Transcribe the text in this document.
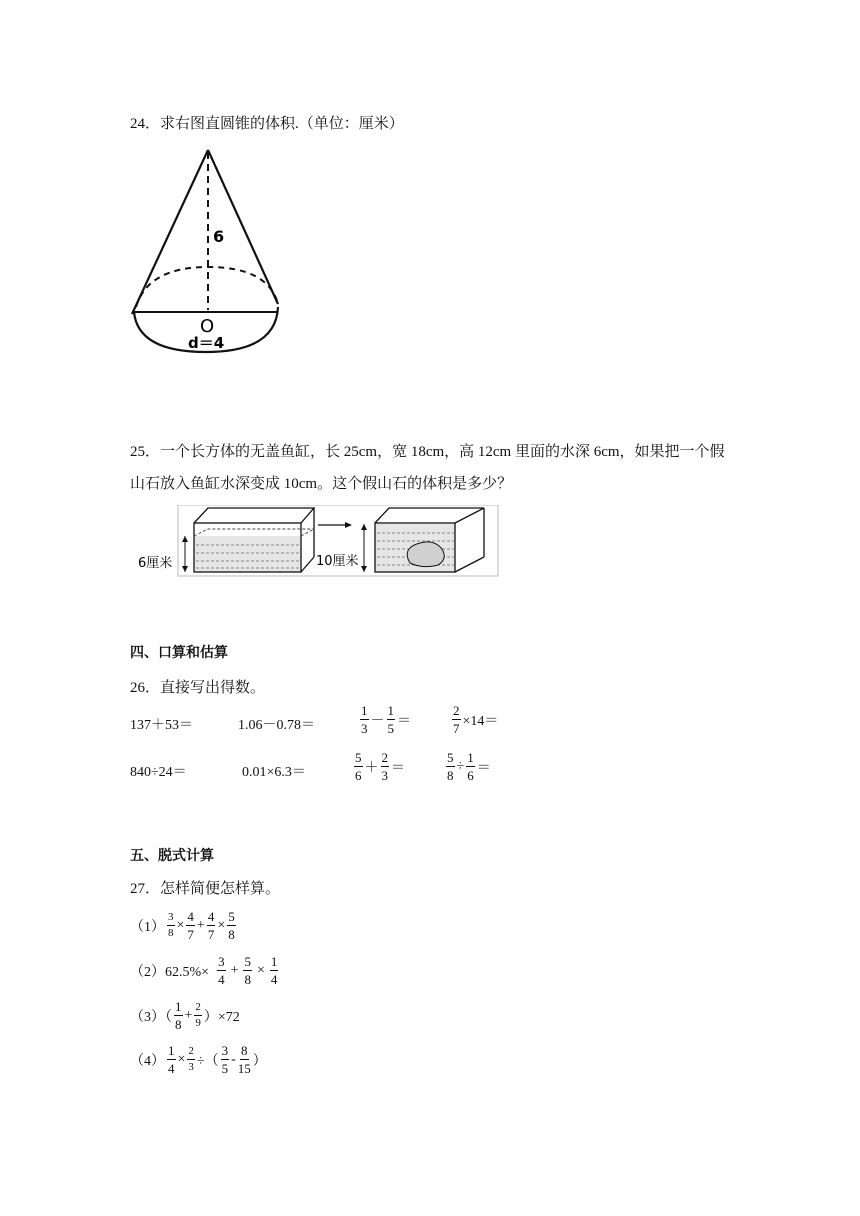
24．求右图直圆锥的体积.（单位：厘米）
6
O
d＝4
25．一个长方体的无盖鱼缸，长 25cm，宽 18cm，高 12cm 里面的水深 6cm，如果把一个假
山石放入鱼缸水深变成 10cm。这个假山石的体积是多少？
6厘米	10厘米
四、口算和估算
26．直接写出得数。
137＋53＝	1.06－0.78＝	$\frac{1}{3} - \frac{1}{5}$ ＝	$\frac{2}{7} \times 14=$
840÷24＝	0.01×6.3＝	$\frac{5}{6} + \frac{2}{3}$ ＝	$\frac{5}{8} \div \frac{1}{6}$ ＝
五、脱式计算
27．怎样简便怎样算。
$(1) \frac{3}{8} \times \frac{4}{7} + \frac{4}{7} \times \frac{5}{8}$
$(2)62.5\%\times \frac{3}{4} + \frac{5}{8} \times \frac{1}{4}$
$(3)( \frac{1}{8} + \frac{2}{9} )\times 72$
$(4) \frac{1}{4} \times \frac{2}{3}$ ÷（ $\frac{3}{5} - \frac{8}{15}$ ）
